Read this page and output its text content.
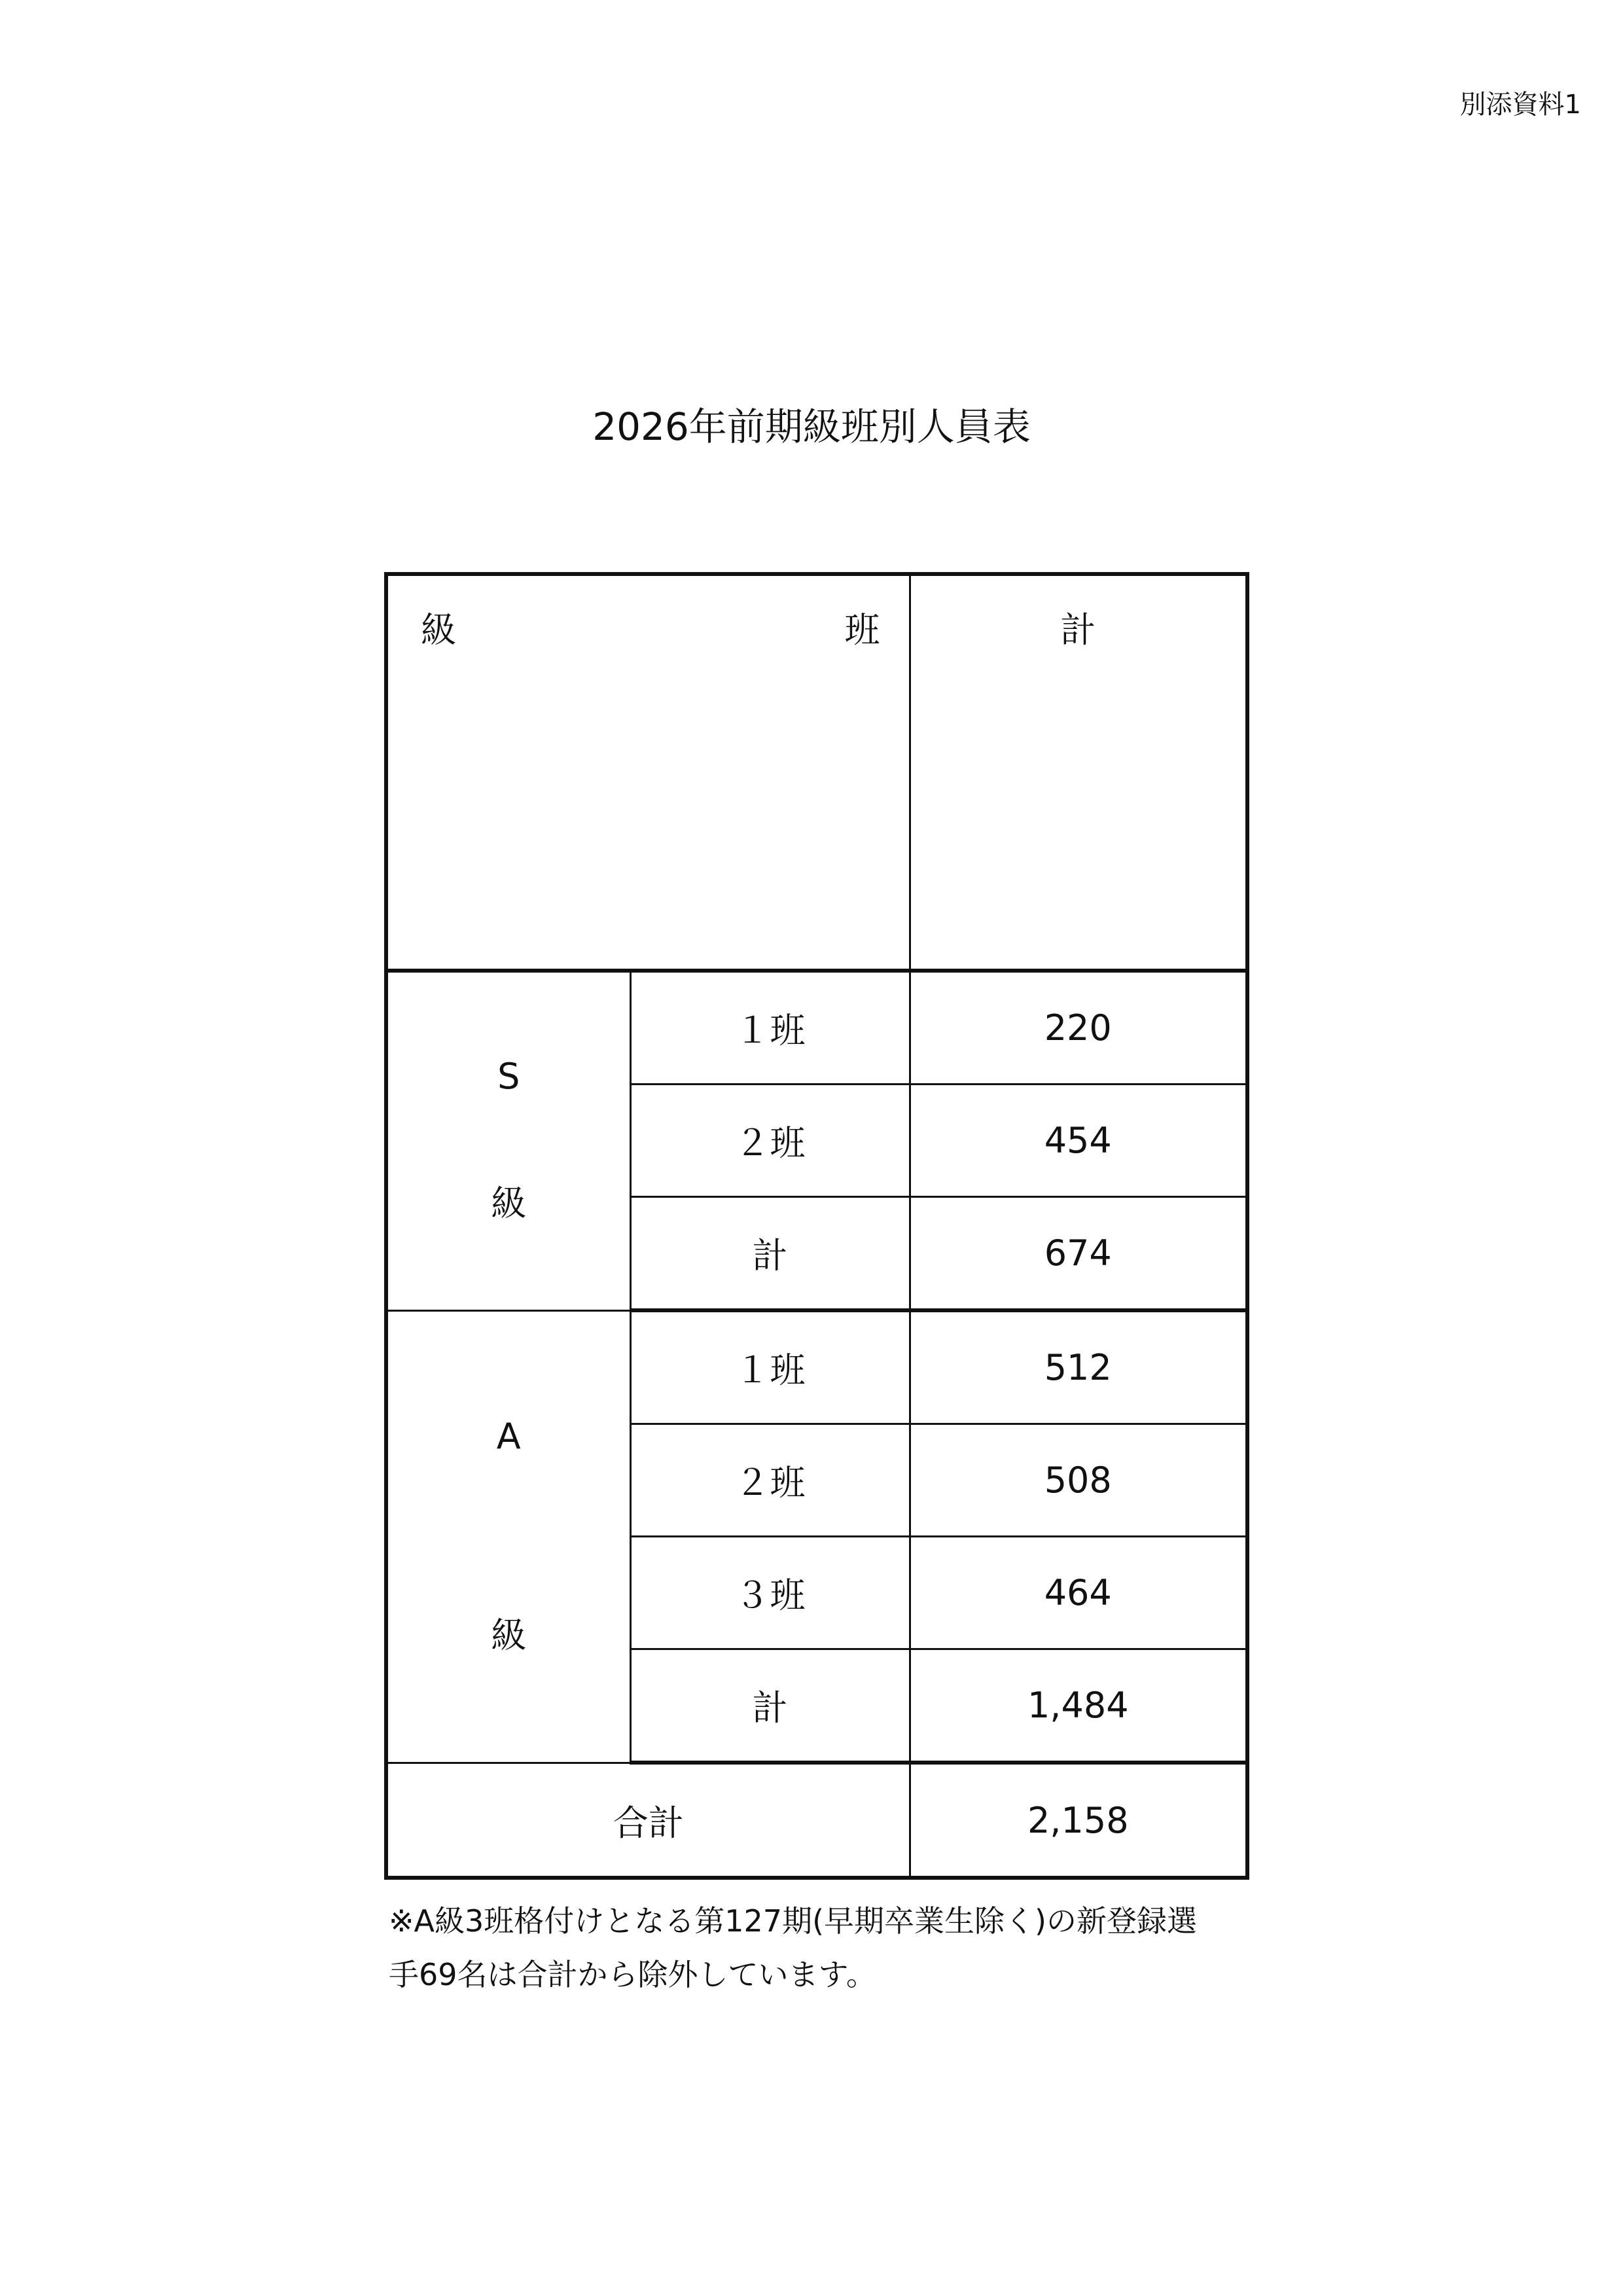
別添資料1
2026年前期級班別人員表
級 班		計

S
級	１班	220
	２班	454
	計	674

A
級	１班	512
	２班	508
	３班	464
	計	1,484
合計		2,158
※A級3班格付けとなる第127期(早期卒業生除く)の新登録選
手69名は合計から除外しています。
